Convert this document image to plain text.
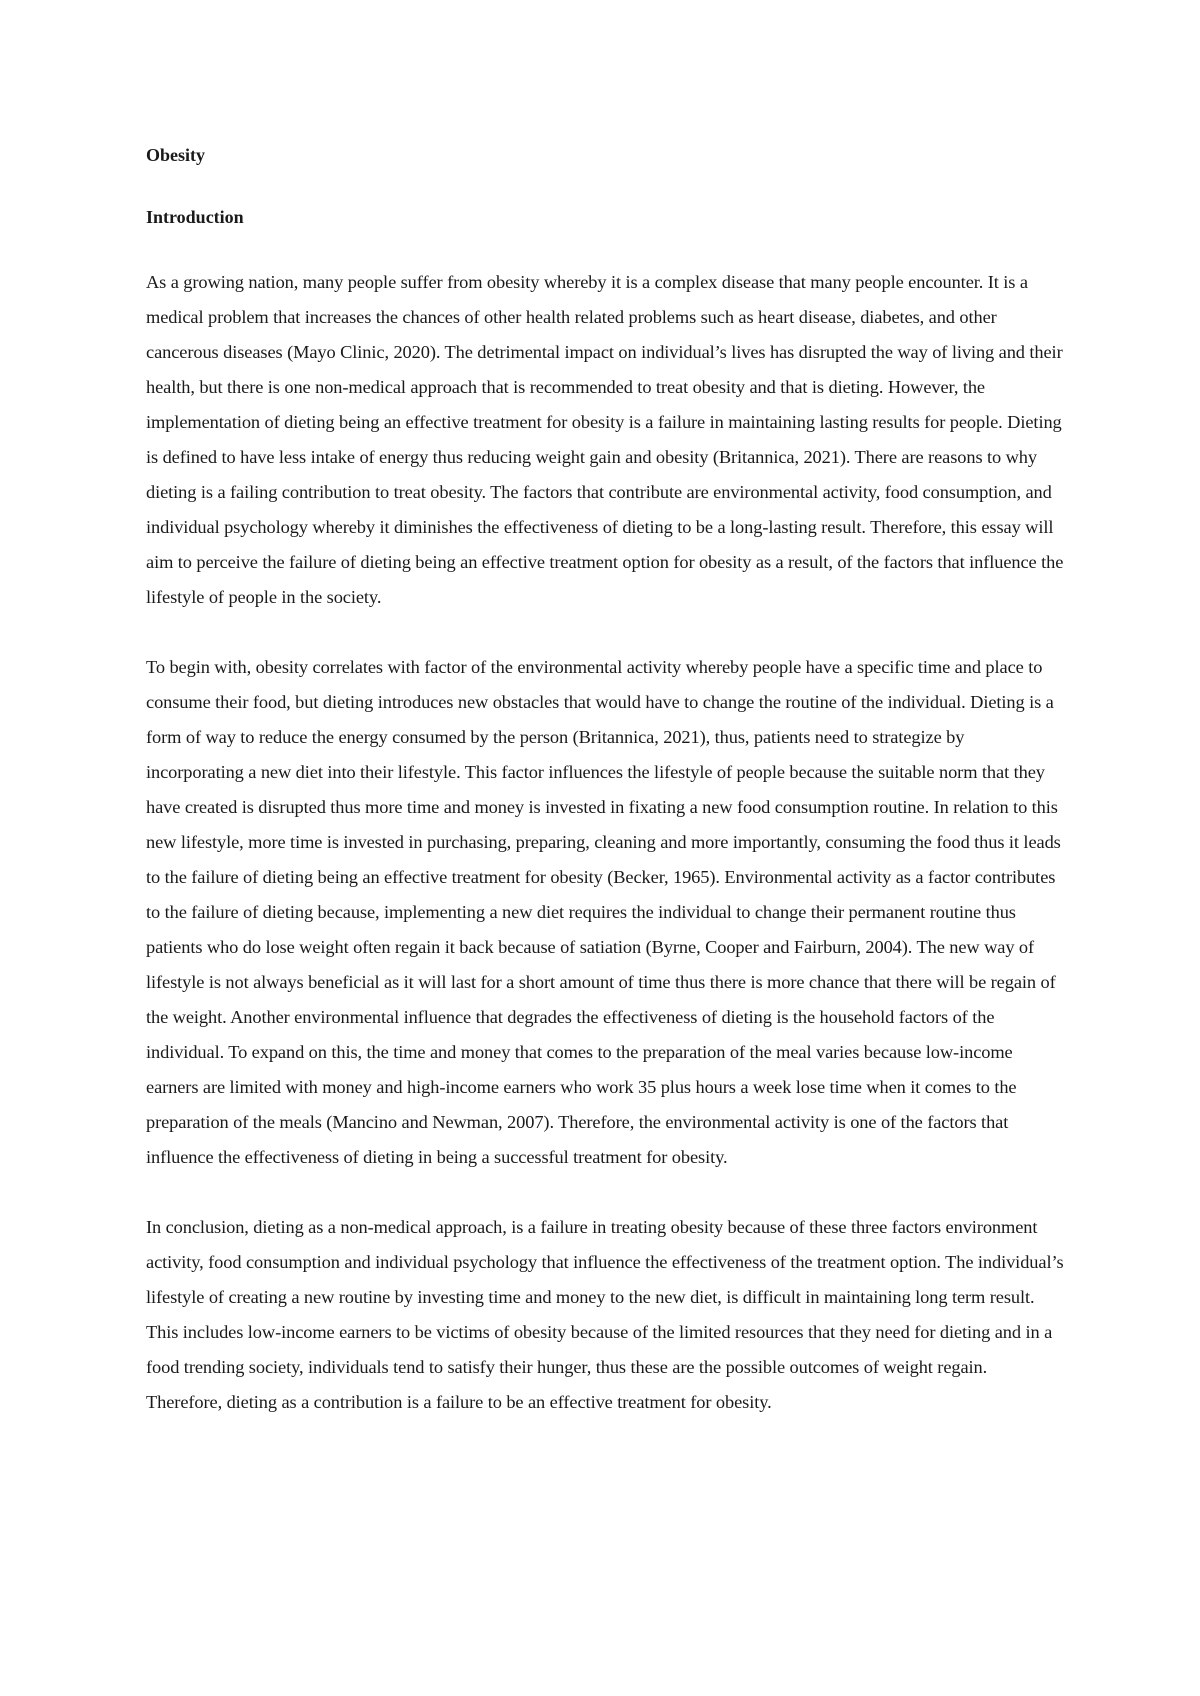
Obesity

Introduction

As a growing nation, many people suffer from obesity whereby it is a complex disease that many people encounter. It is a medical problem that increases the chances of other health related problems such as heart disease, diabetes, and other cancerous diseases (Mayo Clinic, 2020). The detrimental impact on individual’s lives has disrupted the way of living and their health, but there is one non-medical approach that is recommended to treat obesity and that is dieting. However, the implementation of dieting being an effective treatment for obesity is a failure in maintaining lasting results for people. Dieting is defined to have less intake of energy thus reducing weight gain and obesity (Britannica, 2021). There are reasons to why dieting is a failing contribution to treat obesity. The factors that contribute are environmental activity, food consumption, and individual psychology whereby it diminishes the effectiveness of dieting to be a long-lasting result. Therefore, this essay will aim to perceive the failure of dieting being an effective treatment option for obesity as a result, of the factors that influence the lifestyle of people in the society.

To begin with, obesity correlates with factor of the environmental activity whereby people have a specific time and place to consume their food, but dieting introduces new obstacles that would have to change the routine of the individual. Dieting is a form of way to reduce the energy consumed by the person (Britannica, 2021), thus, patients need to strategize by incorporating a new diet into their lifestyle. This factor influences the lifestyle of people because the suitable norm that they have created is disrupted thus more time and money is invested in fixating a new food consumption routine. In relation to this new lifestyle, more time is invested in purchasing, preparing, cleaning and more importantly, consuming the food thus it leads to the failure of dieting being an effective treatment for obesity (Becker, 1965). Environmental activity as a factor contributes to the failure of dieting because, implementing a new diet requires the individual to change their permanent routine thus patients who do lose weight often regain it back because of satiation (Byrne, Cooper and Fairburn, 2004). The new way of lifestyle is not always beneficial as it will last for a short amount of time thus there is more chance that there will be regain of the weight. Another environmental influence that degrades the effectiveness of dieting is the household factors of the individual. To expand on this, the time and money that comes to the preparation of the meal varies because low-income earners are limited with money and high-income earners who work 35 plus hours a week lose time when it comes to the preparation of the meals (Mancino and Newman, 2007). Therefore, the environmental activity is one of the factors that influence the effectiveness of dieting in being a successful treatment for obesity.

In conclusion, dieting as a non-medical approach, is a failure in treating obesity because of these three factors environment activity, food consumption and individual psychology that influence the effectiveness of the treatment option. The individual’s lifestyle of creating a new routine by investing time and money to the new diet, is difficult in maintaining long term result. This includes low-income earners to be victims of obesity because of the limited resources that they need for dieting and in a food trending society, individuals tend to satisfy their hunger, thus these are the possible outcomes of weight regain. Therefore, dieting as a contribution is a failure to be an effective treatment for obesity.
